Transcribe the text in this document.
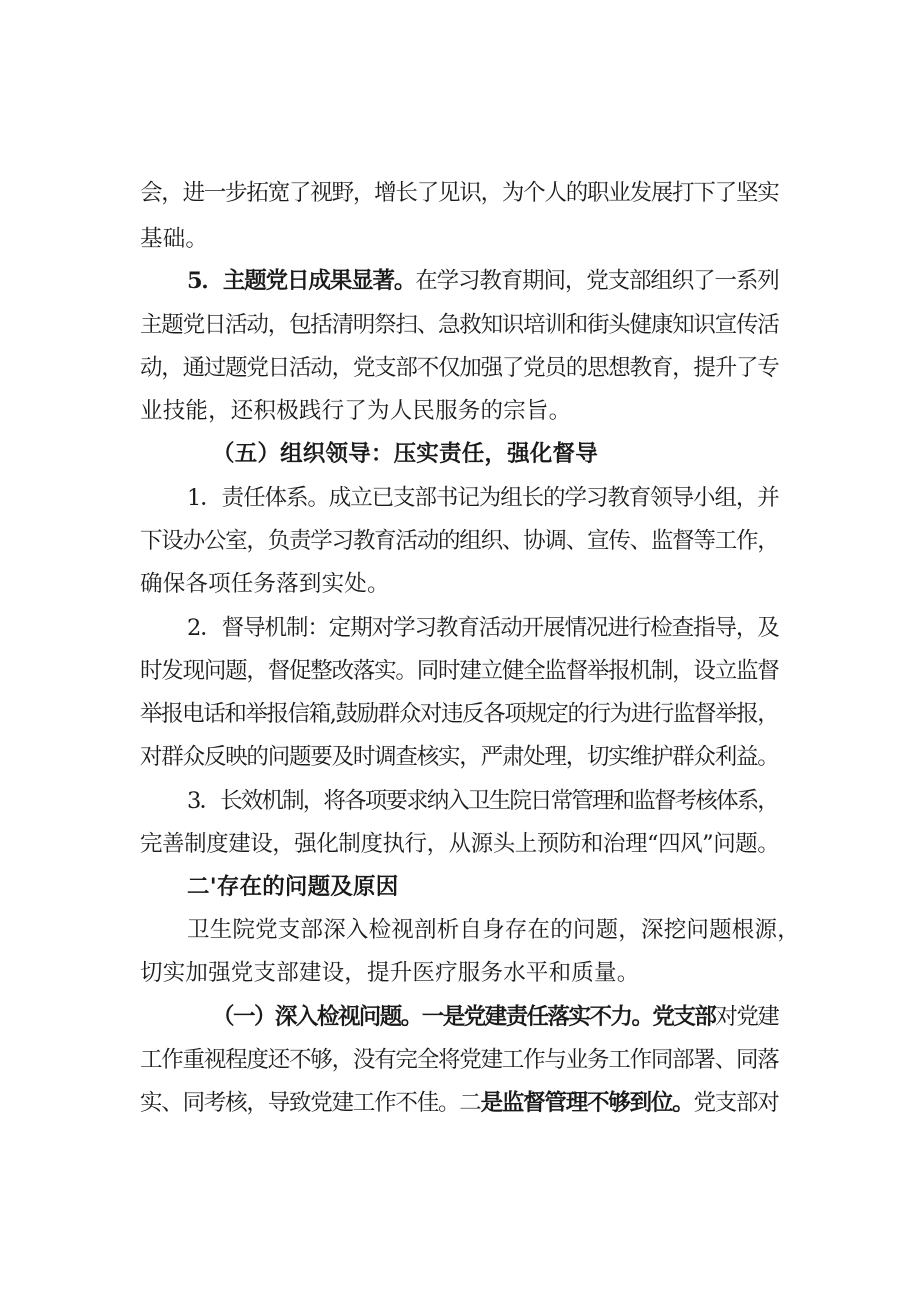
会，进一步拓宽了视野，增长了见识，为个人的职业发展打下了坚实

基础。

5．主题党日成果显著。在学习教育期间，党支部组织了一系列

主题党日活动，包括清明祭扫、急救知识培训和街头健康知识宣传活

动，通过题党日活动，党支部不仅加强了党员的思想教育，提升了专

业技能，还积极践行了为人民服务的宗旨。

（五）组织领导：压实责任，强化督导

1．责任体系。成立已支部书记为组长的学习教育领导小组，并

下设办公室，负责学习教育活动的组织、协调、宣传、监督等工作，

确保各项任务落到实处。

2．督导机制：定期对学习教育活动开展情况进行检查指导，及

时发现问题，督促整改落实。同时建立健全监督举报机制，设立监督

举报电话和举报信箱,鼓励群众对违反各项规定的行为进行监督举报，

对群众反映的问题要及时调查核实，严肃处理，切实维护群众利益。

3．长效机制，将各项要求纳入卫生院日常管理和监督考核体系，

完善制度建设，强化制度执行，从源头上预防和治理“四风”问题。

二'存在的问题及原因

卫生院党支部深入检视剖析自身存在的问题，深挖问题根源，

切实加强党支部建设，提升医疗服务水平和质量。

（一）深入检视问题。一是党建责任落实不力。党支部对党建

工作重视程度还不够，没有完全将党建工作与业务工作同部署、同落

实、同考核，导致党建工作不佳。二是监督管理不够到位。党支部对
